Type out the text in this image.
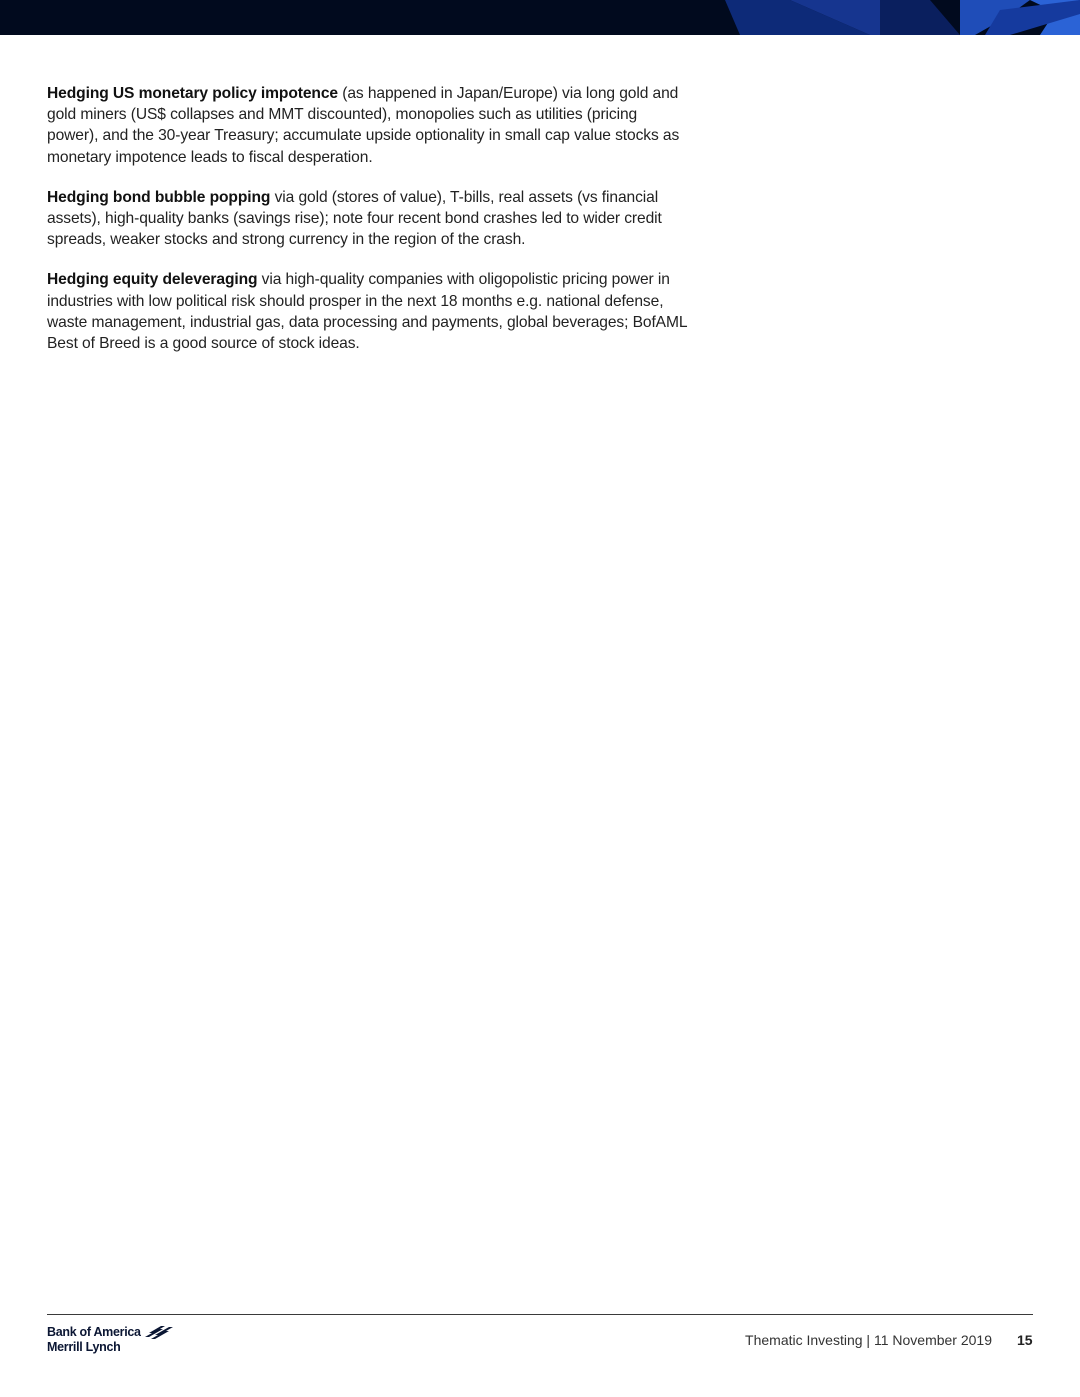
Hedging US monetary policy impotence (as happened in Japan/Europe) via long gold and gold miners (US$ collapses and MMT discounted), monopolies such as utilities (pricing power), and the 30-year Treasury; accumulate upside optionality in small cap value stocks as monetary impotence leads to fiscal desperation.

Hedging bond bubble popping via gold (stores of value), T-bills, real assets (vs financial assets), high-quality banks (savings rise); note four recent bond crashes led to wider credit spreads, weaker stocks and strong currency in the region of the crash.

Hedging equity deleveraging via high-quality companies with oligopolistic pricing power in industries with low political risk should prosper in the next 18 months e.g. national defense, waste management, industrial gas, data processing and payments, global beverages; BofAML Best of Breed is a good source of stock ideas.

Bank of America
Merrill Lynch	Thematic Investing | 11 November 2019 15
